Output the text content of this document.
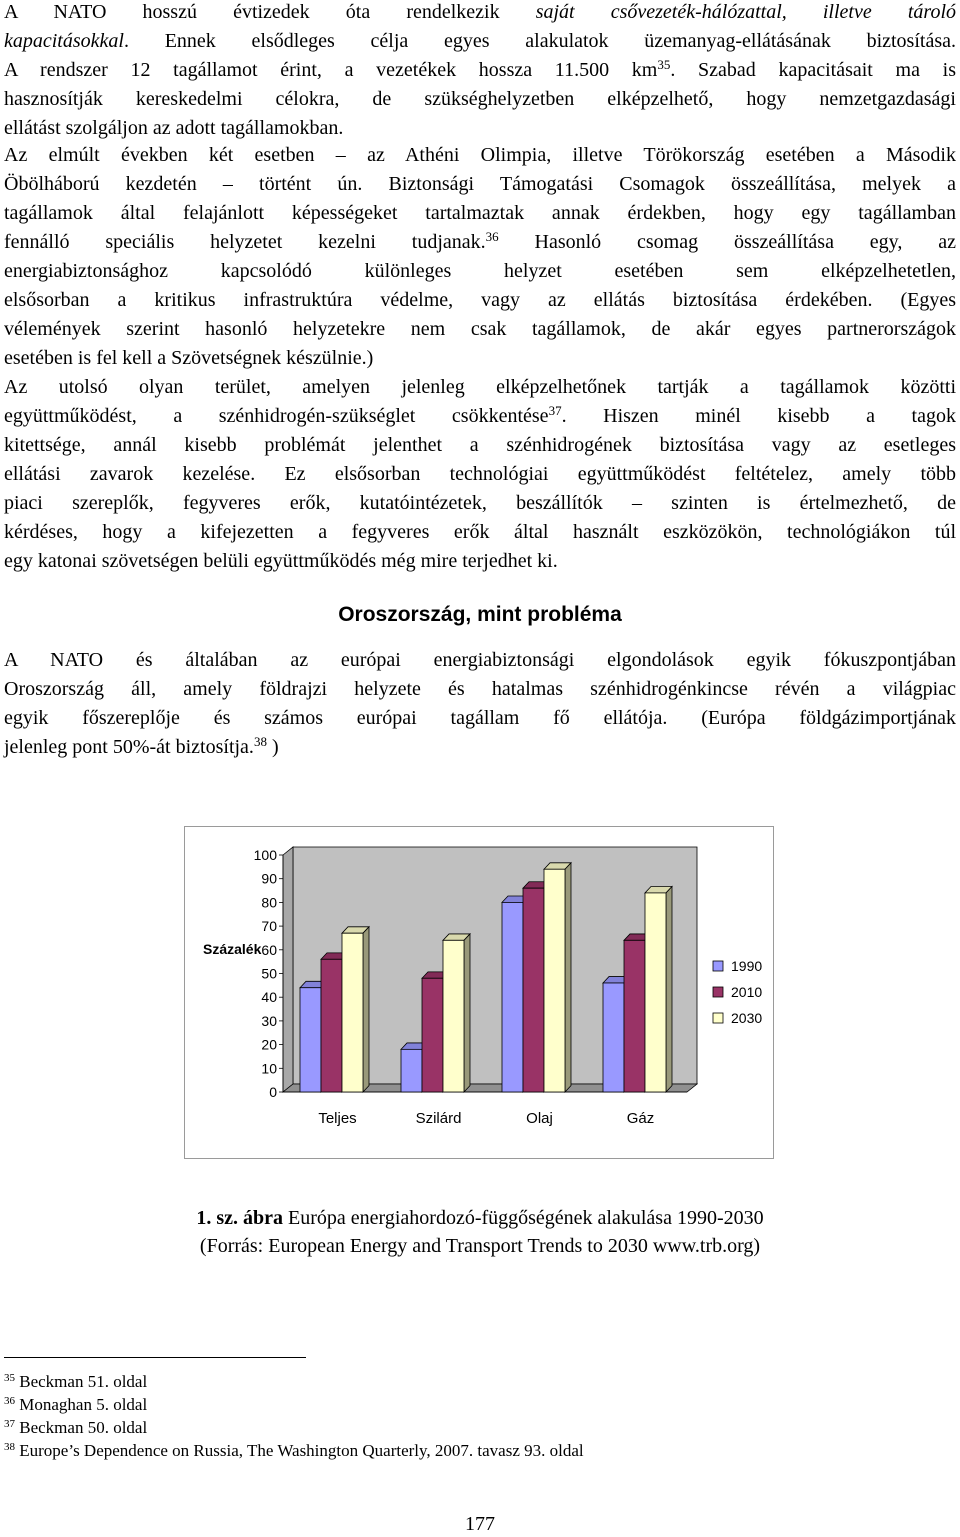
A NATO hosszú évtizedek óta rendelkezik saját csővezeték-hálózattal, illetve tároló
kapacitásokkal. Ennek elsődleges célja egyes alakulatok üzemanyag-ellátásának biztosítása.
A rendszer 12 tagállamot érint, a vezetékek hossza 11.500 $km^{35}$. Szabad kapacitásait ma is
hasznosítják kereskedelmi célokra, de szükséghelyzetben elképzelhető, hogy nemzetgazdasági
ellátást szolgáljon az adott tagállamokban.
Az elmúlt években két esetben – az Athéni Olimpia, illetve Törökország esetében a Második
Öbölháború kezdetén – történt ún. Biztonsági Támogatási Csomagok összeállítása, melyek a
tagállamok által felajánlott képességeket tartalmaztak annak érdekben, hogy egy tagállamban
fennálló speciális helyzetet kezelni tudjanak.$^{36}$ Hasonló csomag összeállítása egy, az
energiabiztonsághoz kapcsolódó különleges helyzet esetében sem elképzelhetetlen,
elsősorban a kritikus infrastruktúra védelme, vagy az ellátás biztosítása érdekében. (Egyes
vélemények szerint hasonló helyzetekre nem csak tagállamok, de akár egyes partnerországok
esetében is fel kell a Szövetségnek készülnie.)
Az utolsó olyan terület, amelyen jelenleg elképzelhetőnek tartják a tagállamok közötti
együttműködést, a szénhidrogén-szükséglet csökkentése$^{37}$. Hiszen minél kisebb a tagok
kitettsége, annál kisebb problémát jelenthet a szénhidrogének biztosítása vagy az esetleges
ellátási zavarok kezelése. Ez elsősorban technológiai együttműködést feltételez, amely több
piaci szereplők, fegyveres erők, kutatóintézetek, beszállítók – szinten is értelmezhető, de
kérdéses, hogy a kifejezetten a fegyveres erők által használt eszközökön, technológiákon túl
egy katonai szövetségen belüli együttműködés még mire terjedhet ki.
Oroszország, mint probléma
A NATO és általában az európai energiabiztonsági elgondolások egyik fókuszpontjában
Oroszország áll, amely földrajzi helyzete és hatalmas szénhidrogénkincse révén a világpiac
egyik főszereplője és számos európai tagállam fő ellátója. (Európa földgázimportjának
jelenleg pont 50%-át biztosítja.$^{38}$ )
0
10
20
30
40
50
60
70
80
90
100
Teljes	Szilárd	Olaj	Gáz
Százalék
1990
2010
2030
1. sz. ábra Európa energiahordozó-függőségének alakulása 1990-2030
(Forrás: European Energy and Transport Trends to 2030 www.trb.org)
$^{35}$ Beckman 51. oldal
$^{36}$ Monaghan 5. oldal
$^{37}$ Beckman 50. oldal
$^{38}$ Europe’s Dependence on Russia, The Washington Quarterly, 2007. tavasz 93. oldal
177
